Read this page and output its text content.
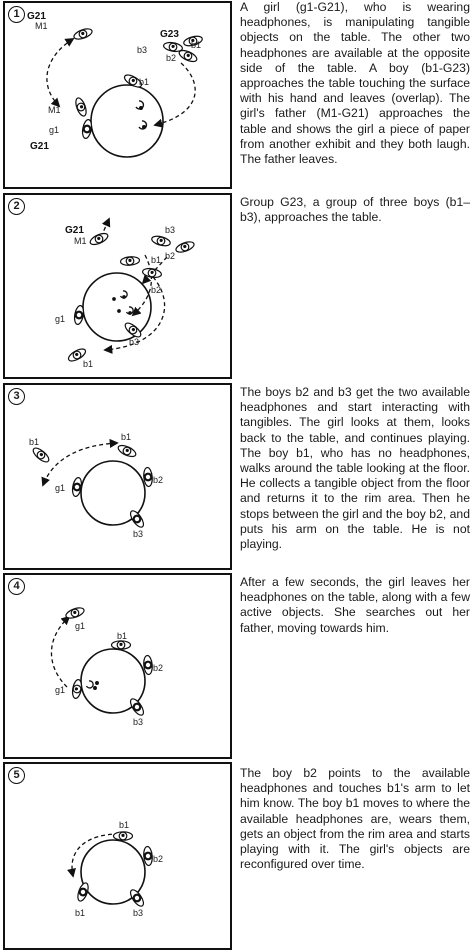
1 G21
M1
G23
b1
b3
b2
b1
M1
g1
G21

A girl (g1-G21), who is wearing headphones, is manipulating tangible objects on the table. The other two headphones are available at the opposite side of the table. A boy (b1-G23) approaches the table touching the surface with his hand and leaves (overlap). The girl's father (M1-G21) approaches the table and shows the girl a piece of paper from another exhibit and they both laugh. The father leaves.

2
G21
M1
b3
b2
b1
b2
g1
b3
b1

Group G23, a group of three boys (b1–b3), approaches the table.

3
b1
b1
b2
g1
b3

The boys b2 and b3 get the two available headphones and start interacting with tangibles. The girl looks at them, looks back to the table, and continues playing. The boy b1, who has no headphones, walks around the table looking at the floor. He collects a tangible object from the floor and returns it to the rim area. Then he stops between the girl and the boy b2, and puts his arm on the table. He is not playing.

4
g1
b1
b2
g1
b3

After a few seconds, the girl leaves her headphones on the table, along with a few active objects. She searches out her father, moving towards him.

5
b1
b2
b1	b3

The boy b2 points to the available headphones and touches b1's arm to let him know. The boy b1 moves to where the available headphones are, wears them, gets an object from the rim area and starts playing with it. The girl's objects are reconfigured over time.
